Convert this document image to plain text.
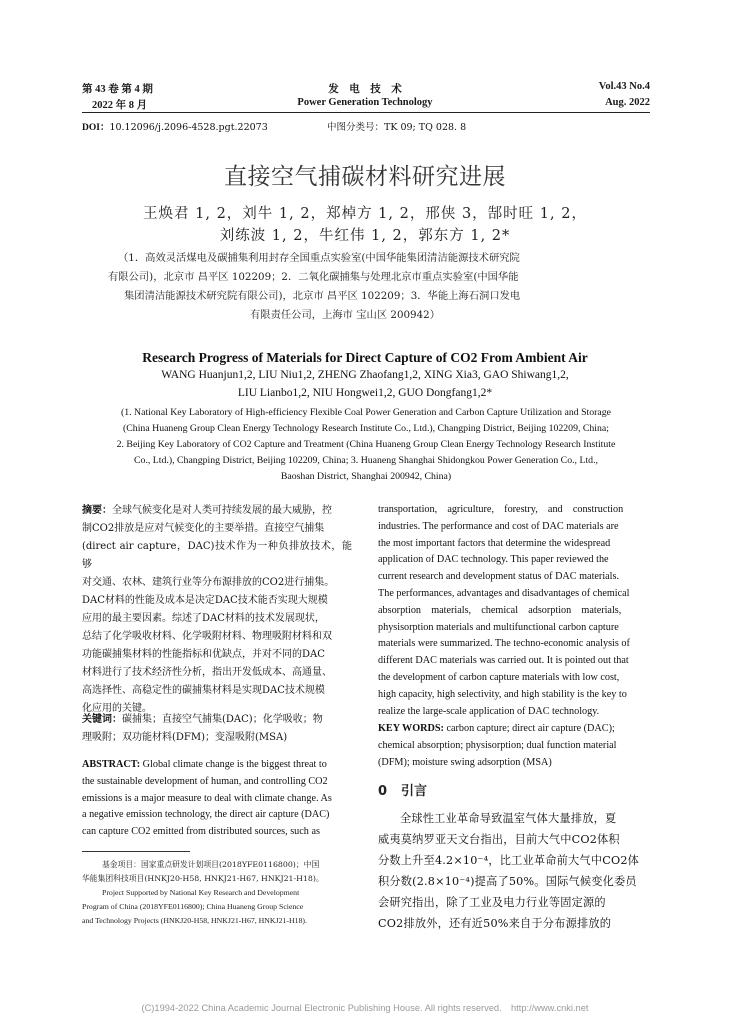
第 43 卷 第 4 期
2022 年 8 月
发　电　技　术
Power Generation Technology
Vol.43 No.4
Aug. 2022
DOI：10.12096/j.2096-4528.pgt.22073	中图分类号：TK 09; TQ 028. 8
直接空气捕碳材料研究进展
王焕君 1, 2，刘牛 1, 2，郑棹方 1, 2，邢侠 3，郜时旺 1, 2，
刘练波 1, 2，牛红伟 1, 2，郭东方 1, 2*
（1．高效灵活煤电及碳捕集利用封存全国重点实验室(中国华能集团清洁能源技术研究院
有限公司)，北京市 昌平区 102209；2．二氧化碳捕集与处理北京市重点实验室(中国华能
集团清洁能源技术研究院有限公司)，北京市 昌平区 102209；3．华能上海石洞口发电
有限责任公司，上海市 宝山区 200942）
Research Progress of Materials for Direct Capture of CO2 From Ambient Air
WANG Huanjun1,2, LIU Niu1,2, ZHENG Zhaofang1,2, XING Xia3, GAO Shiwang1,2,
LIU Lianbo1,2, NIU Hongwei1,2, GUO Dongfang1,2*
(1. National Key Laboratory of High-efficiency Flexible Coal Power Generation and Carbon Capture Utilization and Storage
(China Huaneng Group Clean Energy Technology Research Institute Co., Ltd.), Changping District, Beijing 102209, China;
2. Beijing Key Laboratory of CO2 Capture and Treatment (China Huaneng Group Clean Energy Technology Research Institute
Co., Ltd.), Changping District, Beijing 102209, China; 3. Huaneng Shanghai Shidongkou Power Generation Co., Ltd.,
Baoshan District, Shanghai 200942, China)
摘要：全球气候变化是对人类可持续发展的最大威胁，控
制CO2排放是应对气候变化的主要举措。直接空气捕集
(direct air capture，DAC)技术作为一种负排放技术，能够
对交通、农林、建筑行业等分布源排放的CO2进行捕集。
DAC材料的性能及成本是决定DAC技术能否实现大规模
应用的最主要因素。综述了DAC材料的技术发展现状，
总结了化学吸收材料、化学吸附材料、物理吸附材料和双
功能碳捕集材料的性能指标和优缺点，并对不同的DAC
材料进行了技术经济性分析，指出开发低成本、高通量、
高选择性、高稳定性的碳捕集材料是实现DAC技术规模
化应用的关键。
关键词：碳捕集；直接空气捕集(DAC)；化学吸收；物
理吸附；双功能材料(DFM)；变湿吸附(MSA)
ABSTRACT: Global climate change is the biggest threat to
the sustainable development of human, and controlling CO2
emissions is a major measure to deal with climate change. As
a negative emission technology, the direct air capture (DAC)
can capture CO2 emitted from distributed sources, such as
基金项目：国家重点研发计划项目(2018YFE0116800)；中国
华能集团科技项目(HNKJ20-H58, HNKJ21-H67, HNKJ21-H18)。
Project Supported by National Key Research and Development
Program of China (2018YFE0116800); China Huaneng Group Science
and Technology Projects (HNKJ20-H58, HNKJ21-H67, HNKJ21-H18).
transportation,　agriculture,　forestry,　and　construction
industries. The performance and cost of DAC materials are
the most important factors that determine the widespread
application of DAC technology. This paper reviewed the
current research and development status of DAC materials.
The performances, advantages and disadvantages of chemical
absorption　materials,　chemical　adsorption　materials,
physisorption materials and multifunctional carbon capture
materials were summarized. The techno-economic analysis of
different DAC materials was carried out. It is pointed out that
the development of carbon capture materials with low cost,
high capacity, high selectivity, and high stability is the key to
realize the large-scale application of DAC technology.
KEY WORDS: carbon capture; direct air capture (DAC);
chemical absorption; physisorption; dual function material
(DFM); moisture swing adsorption (MSA)
0 引言
全球性工业革命导致温室气体大量排放，夏
威夷莫纳罗亚天文台指出，目前大气中CO2体积
分数上升至4.2×10⁻⁴，比工业革命前大气中CO2体
积分数(2.8×10⁻⁴)提高了50%。国际气候变化委员
会研究指出，除了工业及电力行业等固定源的
CO2排放外，还有近50%来自于分布源排放的
(C)1994-2022 China Academic Journal Electronic Publishing House. All rights reserved.　http://www.cnki.net
